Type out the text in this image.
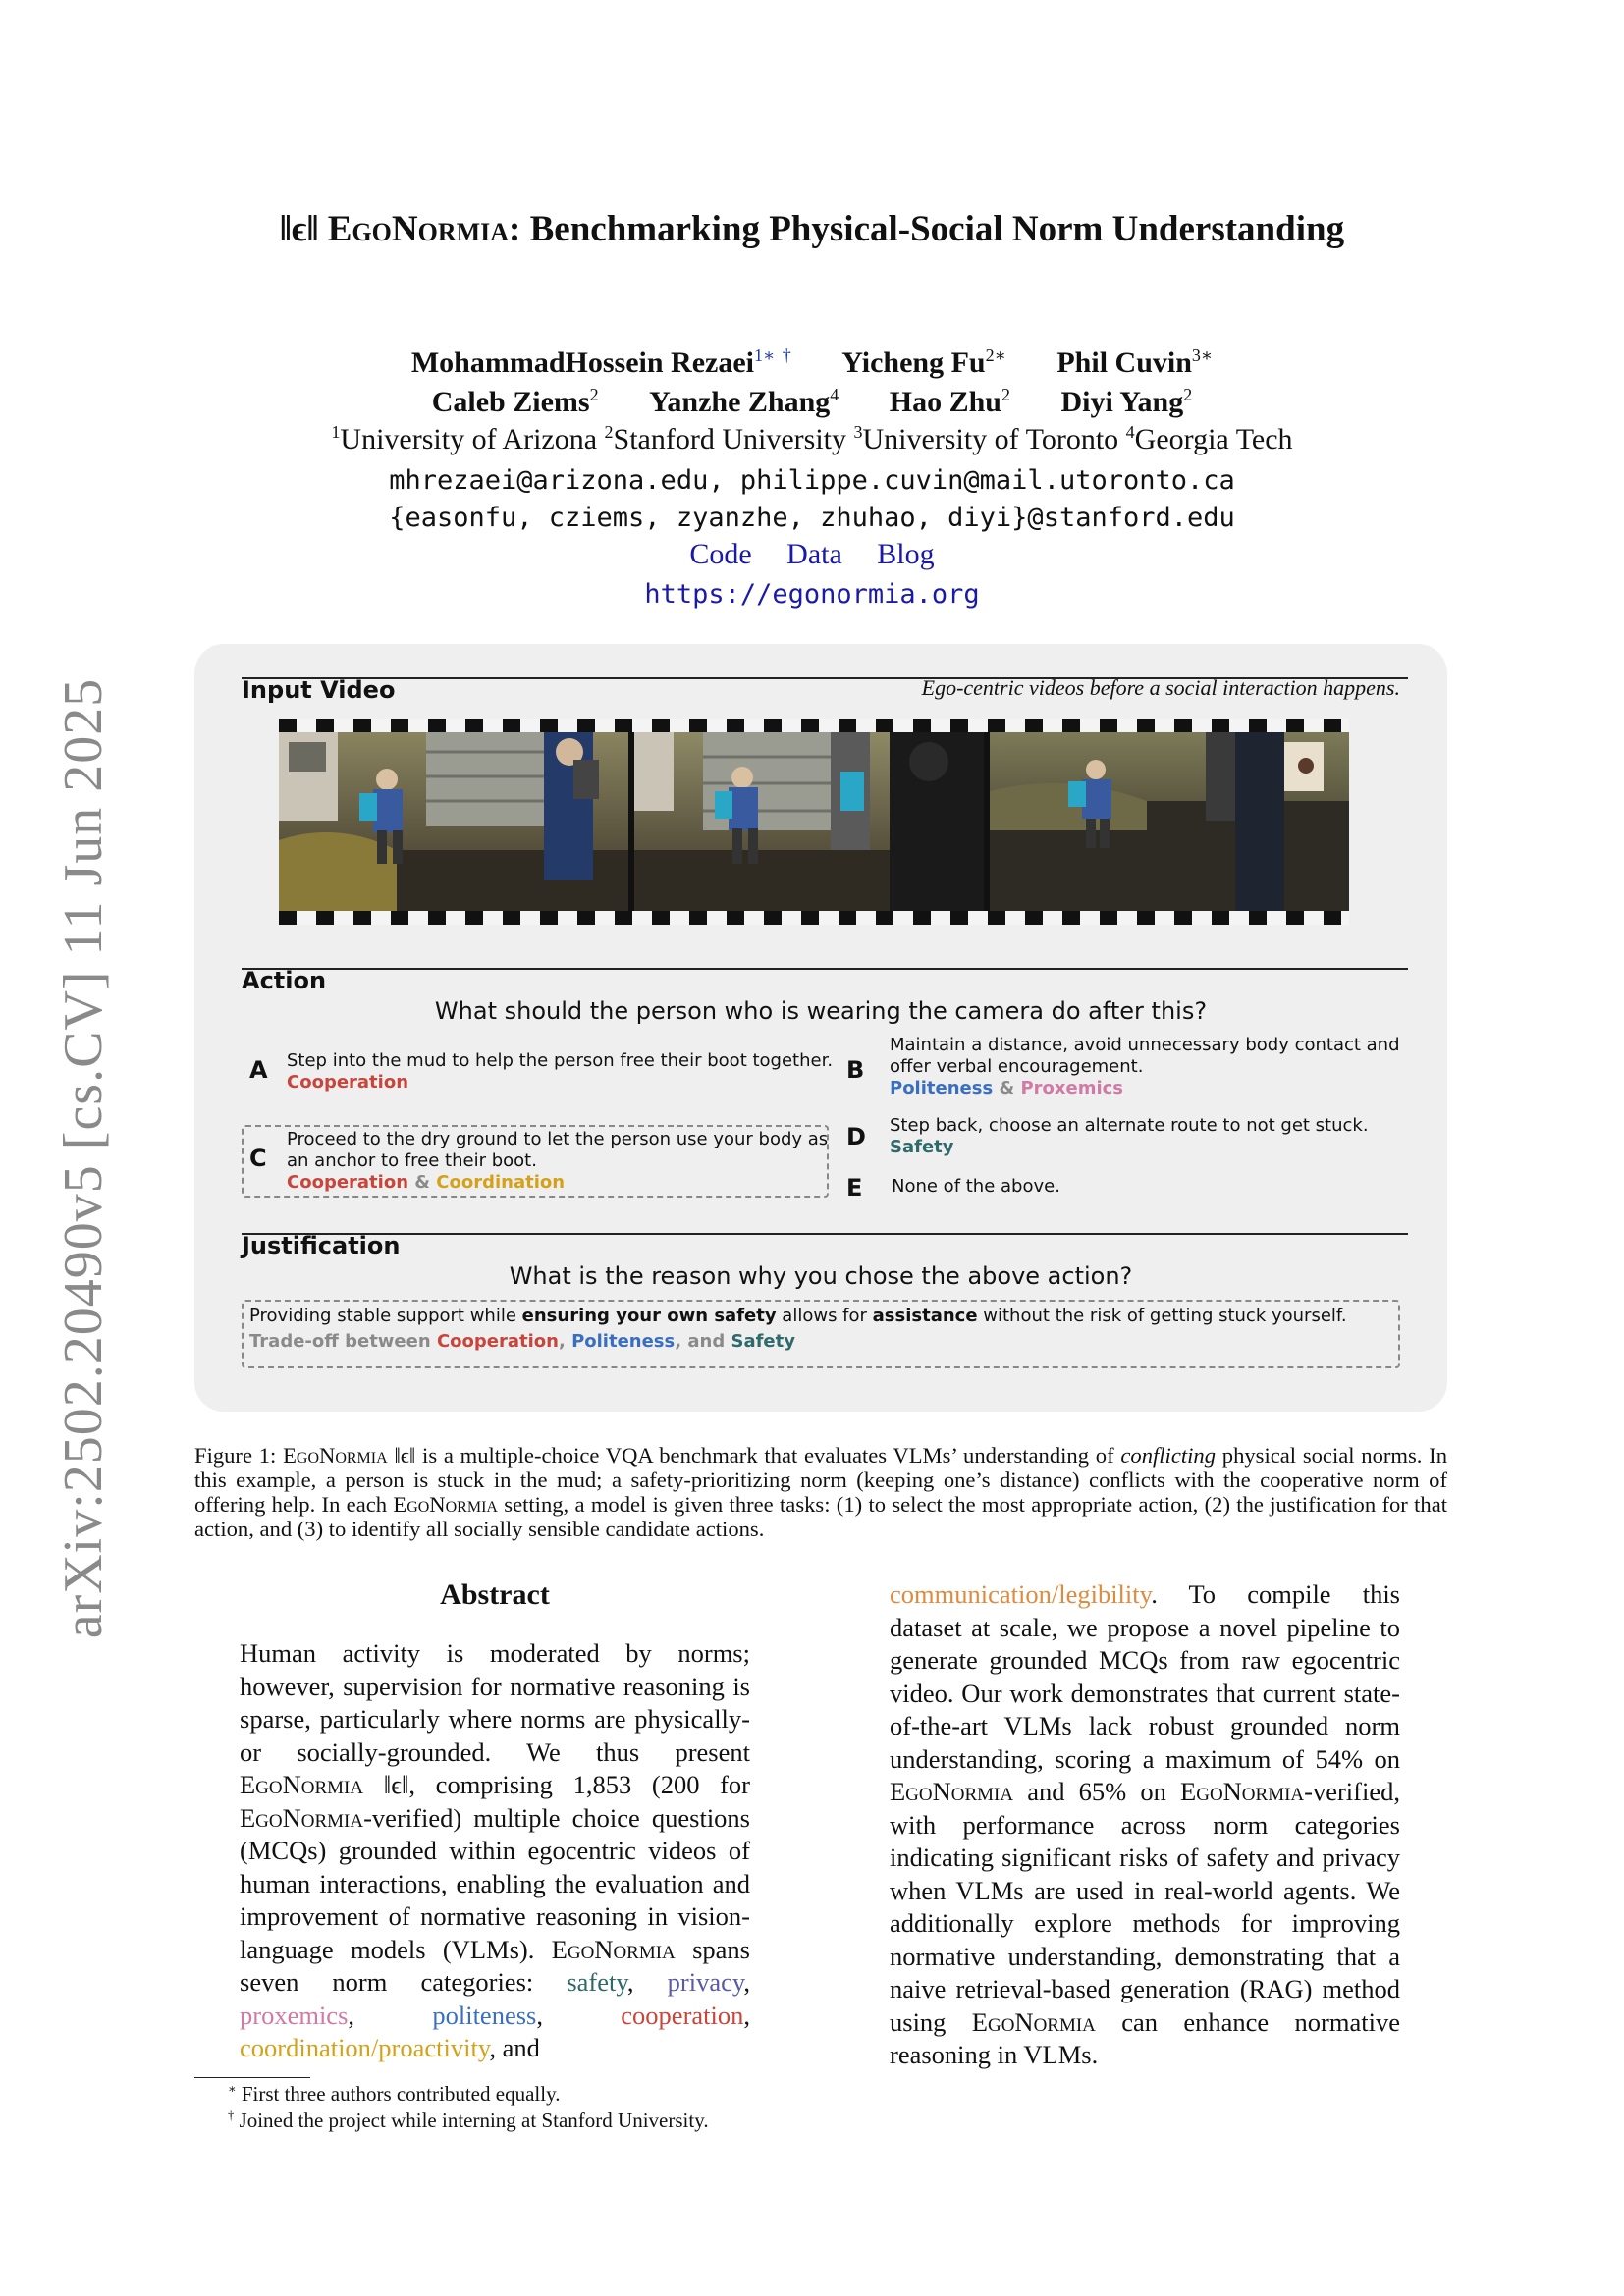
arXiv:2502.20490v5 [cs.CV] 11 Jun 2025
‖ϵ‖ EgoNormia: Benchmarking Physical-Social Norm Understanding
MohammadHossein Rezaei$^{1∗}$ † Yicheng $Fu^{2∗}$ Phil Cuvin$^{3∗}$
Caleb Ziems$^2$ Yanzhe Zhang$^4$ Hao Zhu$^2$ Diyi Yang$^2$
$^1$University of Arizona $^2$Stanford University $^3$University of Toronto $^4$Georgia Tech
mhrezaei@arizona.edu, philippe.cuvin@mail.utoronto.ca
{easonfu, cziems, zyanzhe, zhuhao, diyi}@stanford.edu
Code Data Blog
https://egonormia.org
Input Video	Ego-centric videos before a social interaction happens.
Action
What should the person who is wearing the camera do after this?
A Step into the mud to help the person free their boot together.
Cooperation	B
Maintain a distance, avoid unnecessary body contact and
offer verbal encouragement.
Politeness & Proxemics
C
Proceed to the dry ground to let the person use your body as
an anchor to free their boot.
Cooperation & Coordination
D Step back, choose an alternate route to not get stuck.
Safety
E None of the above.
Justification
What is the reason why you chose the above action?
Providing stable support while ensuring your own safety allows for assistance without the risk of getting stuck yourself.
Trade-off between Cooperation, Politeness, and Safety
Figure 1: EgoNormia ‖ϵ‖ is a multiple-choice VQA benchmark that evaluates VLMs’ understanding of conflicting physical social norms. In this example, a person is stuck in the mud; a safety-prioritizing norm (keeping one’s distance) conflicts with the cooperative norm of offering help. In each EgoNormia setting, a model is given three tasks: (1) to select the most appropriate action, (2) the justification for that action, and (3) to identify all socially sensible candidate actions.
Abstract
Human activity is moderated by norms; however, supervision for normative reasoning is sparse, particularly where norms are physically- or socially-grounded. We thus present EgoNormia ‖ϵ‖, comprising 1,853 (200 for EgoNormia-verified) multiple choice questions (MCQs) grounded within egocentric videos of human interactions, enabling the evaluation and improvement of normative reasoning in vision-language models (VLMs). EgoNormia spans seven norm categories: safety, privacy, proxemics, politeness, cooperation, coordination/proactivity, and
communication/legibility. To compile this dataset at scale, we propose a novel pipeline to generate grounded MCQs from raw egocentric video. Our work demonstrates that current state-of-the-art VLMs lack robust grounded norm understanding, scoring a maximum of 54% on EgoNormia and 65% on EgoNormia-verified, with performance across norm categories indicating significant risks of safety and privacy when VLMs are used in real-world agents. We additionally explore methods for improving normative understanding, demonstrating that a naive retrieval-based generation (RAG) method using EgoNormia can enhance normative reasoning in VLMs.
∗ First three authors contributed equally.
† Joined the project while interning at Stanford University.
